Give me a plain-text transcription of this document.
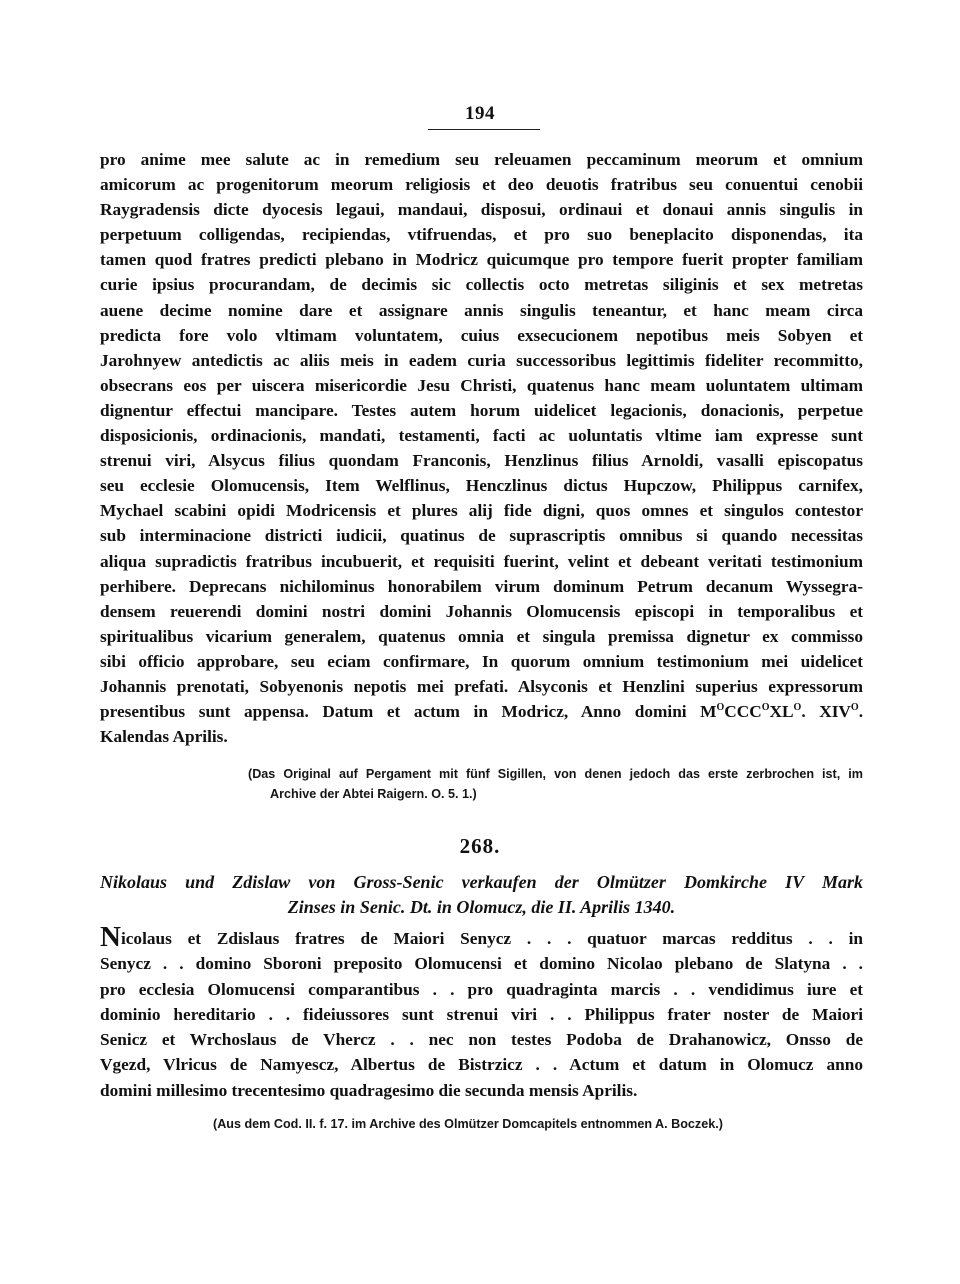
194
pro anime mee salute ac in remedium seu releuamen peccaminum meorum et omnium
amicorum ac progenitorum meorum religiosis et deo deuotis fratribus seu conuentui cenobii
Raygradensis dicte dyocesis legaui, mandaui, disposui, ordinaui et donaui annis singulis in
perpetuum colligendas, recipiendas, vtifruendas, et pro suo beneplacito disponendas, ita
tamen quod fratres predicti plebano in Modricz quicumque pro tempore fuerit propter familiam
curie ipsius procurandam, de decimis sic collectis octo metretas siliginis et sex metretas
auene decime nomine dare et assignare annis singulis teneantur, et hanc meam circa
predicta fore volo vltimam voluntatem, cuius exsecucionem nepotibus meis Sobyen et
Jarohnyew antedictis ac aliis meis in eadem curia successoribus legittimis fideliter recommitto,
obsecrans eos per uiscera misericordie Jesu Christi, quatenus hanc meam uoluntatem ultimam
dignentur effectui mancipare. Testes autem horum uidelicet legacionis, donacionis, perpetue
disposicionis, ordinacionis, mandati, testamenti, facti ac uoluntatis vltime iam expresse sunt
strenui viri, Alsycus filius quondam Franconis, Henzlinus filius Arnoldi, vasalli episcopatus
seu ecclesie Olomucensis, Item Welflinus, Henczlinus dictus Hupczow, Philippus carnifex,
Mychael scabini opidi Modricensis et plures alij fide digni, quos omnes et singulos contestor
sub interminacione districti iudicii, quatinus de suprascriptis omnibus si quando necessitas
aliqua supradictis fratribus incubuerit, et requisiti fuerint, velint et debeant veritati testimonium
perhibere. Deprecans nichilominus honorabilem virum dominum Petrum decanum Wyssegra-
densem reuerendi domini nostri domini Johannis Olomucensis episcopi in temporalibus et
spiritualibus vicarium generalem, quatenus omnia et singula premissa dignetur ex commisso
sibi officio approbare, seu eciam confirmare, In quorum omnium testimonium mei uidelicet
Johannis prenotati, Sobyenonis nepotis mei prefati. Alsyconis et Henzlini superius expressorum
presentibus sunt appensa. Datum et actum in Modricz, Anno domini $M^OCCC^OXL^O$. $XIV^O$.
Kalendas Aprilis.
(Das Original auf Pergament mit fünf Sigillen, von denen jedoch das erste zerbrochen ist, im
Archive der Abtei Raigern. O. 5. 1.)
268.
Nikolaus und Zdislaw von Gross-Senic verkaufen der Olmützer Domkirche IV Mark
Zinses in Senic. Dt. in Olomucz, die II. Aprilis 1340.
Nicolaus et Zdislaus fratres de Maiori Senycz . . . quatuor marcas redditus . . in
Senycz . . domino Sboroni preposito Olomucensi et domino Nicolao plebano de Slatyna . .
pro ecclesia Olomucensi comparantibus . . pro quadraginta marcis . . vendidimus iure et
dominio hereditario . . fideiussores sunt strenui viri . . Philippus frater noster de Maiori
Senicz et Wrchoslaus de Vhercz . . nec non testes Podoba de Drahanowicz, Onsso de
Vgezd, Vlricus de Namyescz, Albertus de Bistrzicz . . Actum et datum in Olomucz anno
domini millesimo trecentesimo quadragesimo die secunda mensis Aprilis.
(Aus dem Cod. II. f. 17. im Archive des Olmützer Domcapitels entnommen A. Boczek.)
